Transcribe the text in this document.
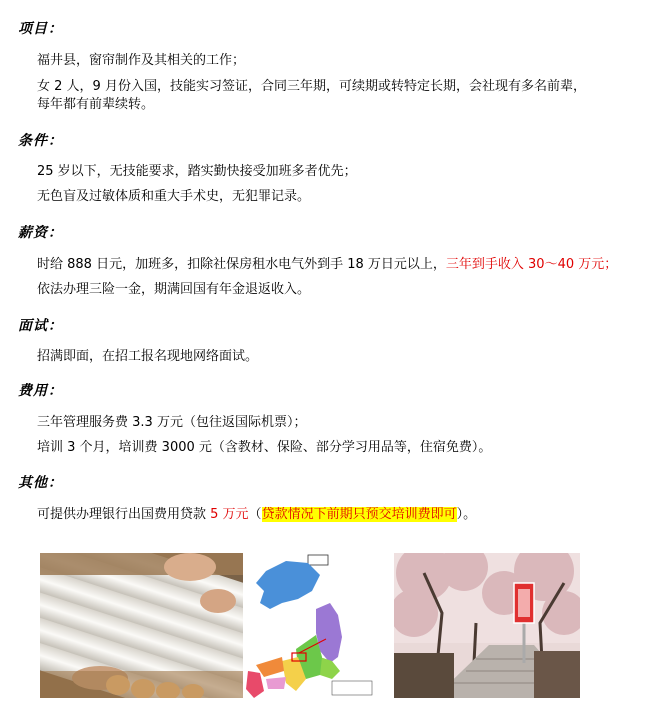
项目：
福井县，窗帘制作及其相关的工作；
女 2 人，9 月份入国，技能实习签证，合同三年期，可续期或转特定长期，会社现有多名前辈，
每年都有前辈续转。
条件：
25 岁以下，无技能要求，踏实勤快接受加班多者优先；
无色盲及过敏体质和重大手术史，无犯罪记录。
薪资：
时给 888 日元，加班多，扣除社保房租水电气外到手 18 万日元以上，三年到手收入 30～40 万元；
依法办理三险一金，期满回国有年金退返收入。
面试：
招满即面，在招工报名现地网络面试。
费用：
三年管理服务费 3.3 万元（包往返国际机票）；
培训 3 个月，培训费 3000 元（含教材、保险、部分学习用品等，住宿免费）。
其他：
可提供办理银行出国费用贷款 5 万元（贷款情况下前期只预交培训费即可）。
